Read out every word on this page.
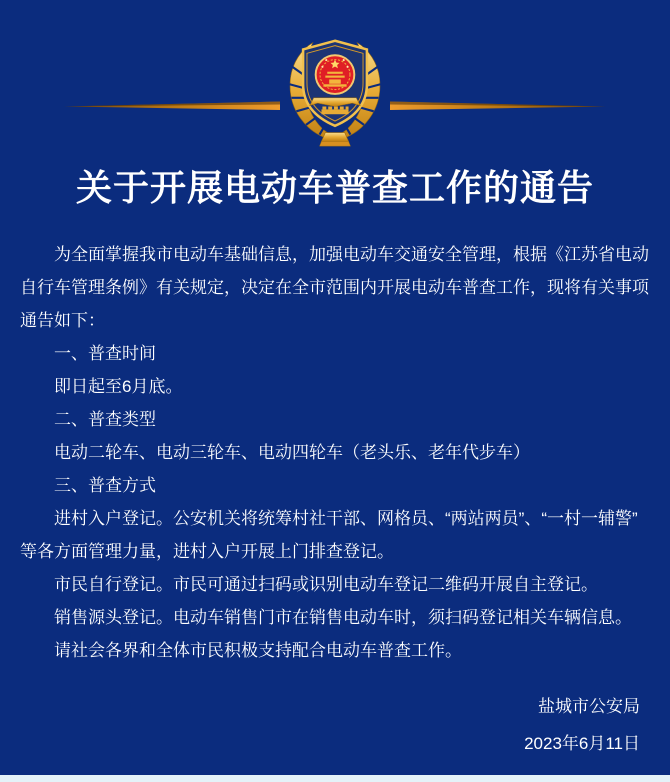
关于开展电动车普查工作的通告
为全面掌握我市电动车基础信息，加强电动车交通安全管理，根据《江苏省电动
自行车管理条例》有关规定，决定在全市范围内开展电动车普查工作，现将有关事项
通告如下：
一、普查时间
即日起至6月底。
二、普查类型
电动二轮车、电动三轮车、电动四轮车（老头乐、老年代步车）
三、普查方式
进村入户登记。公安机关将统筹村社干部、网格员、“两站两员”、“一村一辅警”
等各方面管理力量，进村入户开展上门排查登记。
市民自行登记。市民可通过扫码或识别电动车登记二维码开展自主登记。
销售源头登记。电动车销售门市在销售电动车时，须扫码登记相关车辆信息。
请社会各界和全体市民积极支持配合电动车普查工作。
盐城市公安局
2023年6月11日
